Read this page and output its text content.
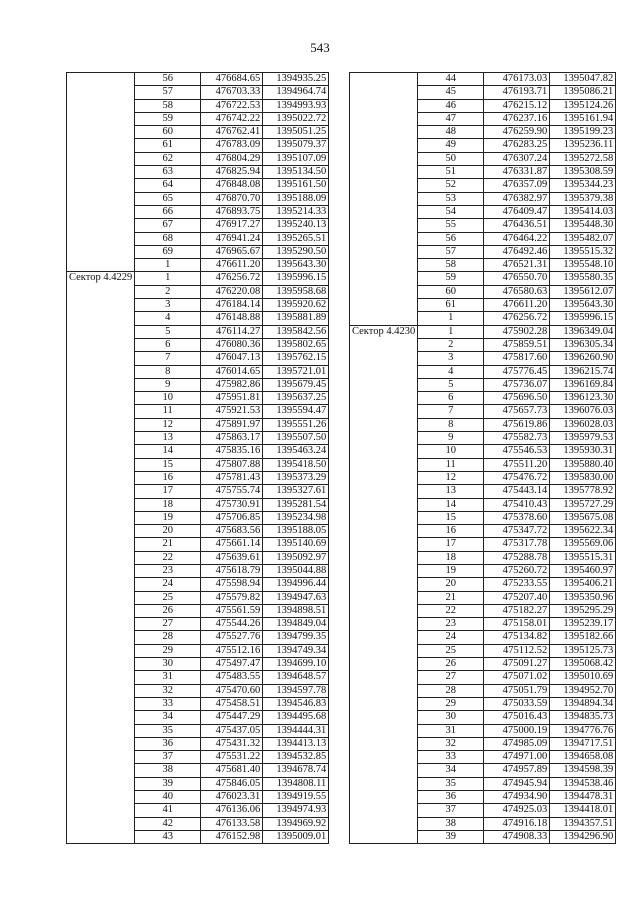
543
	56	476684.65	1394935.25
	57	476703.33	1394964.74
	58	476722.53	1394993.93
	59	476742.22	1395022.72
	60	476762.41	1395051.25
	61	476783.09	1395079.37
	62	476804.29	1395107.09
	63	476825.94	1395134.50
	64	476848.08	1395161.50
	65	476870.70	1395188.09
	66	476893.75	1395214.33
	67	476917.27	1395240.13
	68	476941.24	1395265.51
	69	476965.67	1395290.50
	1	476611.20	1395643.30
Сектор 4.4229	1	476256.72	1395996.15
	2	476220.08	1395958.68
	3	476184.14	1395920.62
	4	476148.88	1395881.89
	5	476114.27	1395842.56
	6	476080.36	1395802.65
	7	476047.13	1395762.15
	8	476014.65	1395721.01
	9	475982.86	1395679.45
	10	475951.81	1395637.25
	11	475921.53	1395594.47
	12	475891.97	1395551.26
	13	475863.17	1395507.50
	14	475835.16	1395463.24
	15	475807.88	1395418.50
	16	475781.43	1395373.29
	17	475755.74	1395327.61
	18	475730.91	1395281.54
	19	475706.85	1395234.98
	20	475683.56	1395188.05
	21	475661.14	1395140.69
	22	475639.61	1395092.97
	23	475618.79	1395044.88
	24	475598.94	1394996.44
	25	475579.82	1394947.63
	26	475561.59	1394898.51
	27	475544.26	1394849.04
	28	475527.76	1394799.35
	29	475512.16	1394749.34
	30	475497.47	1394699.10
	31	475483.55	1394648.57
	32	475470.60	1394597.78
	33	475458.51	1394546.83
	34	475447.29	1394495.68
	35	475437.05	1394444.31
	36	475431.32	1394413.13
	37	475531.22	1394532.85
	38	475681.40	1394678.74
	39	475846.05	1394808.11
	40	476023.31	1394919.55
	41	476136.06	1394974.93
	42	476133.58	1394969.92
	43	476152.98	1395009.01
	44	476173.03	1395047.82
	45	476193.71	1395086.21
	46	476215.12	1395124.26
	47	476237.16	1395161.94
	48	476259.90	1395199.23
	49	476283.25	1395236.11
	50	476307.24	1395272.58
	51	476331.87	1395308.59
	52	476357.09	1395344.23
	53	476382.97	1395379.38
	54	476409.47	1395414.03
	55	476436.51	1395448.30
	56	476464.22	1395482.07
	57	476492.46	1395515.32
	58	476521.31	1395548.10
	59	476550.70	1395580.35
	60	476580.63	1395612.07
	61	476611.20	1395643.30
	1	476256.72	1395996.15
Сектор 4.4230	1	475902.28	1396349.04
	2	475859.51	1396305.34
	3	475817.60	1396260.90
	4	475776.45	1396215.74
	5	475736.07	1396169.84
	6	475696.50	1396123.30
	7	475657.73	1396076.03
	8	475619.86	1396028.03
	9	475582.73	1395979.53
	10	475546.53	1395930.31
	11	475511.20	1395880.40
	12	475476.72	1395830.00
	13	475443.14	1395778.92
	14	475410.43	1395727.29
	15	475378.60	1395675.08
	16	475347.72	1395622.34
	17	475317.78	1395569.06
	18	475288.78	1395515.31
	19	475260.72	1395460.97
	20	475233.55	1395406.21
	21	475207.40	1395350.96
	22	475182.27	1395295.29
	23	475158.01	1395239.17
	24	475134.82	1395182.66
	25	475112.52	1395125.73
	26	475091.27	1395068.42
	27	475071.02	1395010.69
	28	475051.79	1394952.70
	29	475033.59	1394894.34
	30	475016.43	1394835.73
	31	475000.19	1394776.76
	32	474985.09	1394717.51
	33	474971.00	1394658.08
	34	474957.89	1394598.39
	35	474945.94	1394538.46
	36	474934.90	1394478.31
	37	474925.03	1394418.01
	38	474916.18	1394357.51
	39	474908.33	1394296.90
